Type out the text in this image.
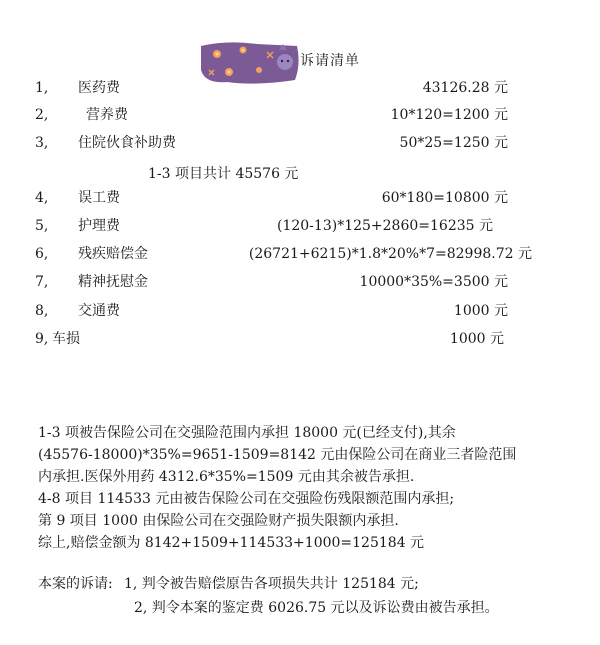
诉请清单
1, 医药费	43126.28 元
2,	营养费	10*120=1200 元
3, 住院伙食补助费	50*25=1250 元
1-3 项目共计 45576 元
4, 误工费	60*180=10800 元
5, 护理费	(120-13)*125+2860=16235 元
6, 残疾赔偿金	(26721+6215)*1.8*20%*7=82998.72 元
7, 精神抚慰金	10000*35%=3500 元
8, 交通费	1000 元
9, 车损	1000 元
1-3 项被告保险公司在交强险范围内承担 18000 元(已经支付),其余
(45576-18000)*35%=9651-1509=8142 元由保险公司在商业三者险范围
内承担.医保外用药 4312.6*35%=1509 元由其余被告承担.
4-8 项目 114533 元由被告保险公司在交强险伤残限额范围内承担;
第 9 项目 1000 由保险公司在交强险财产损失限额内承担.
综上,赔偿金额为 8142+1509+114533+1000=125184 元
本案的诉请: 1, 判令被告赔偿原告各项损失共计 125184 元;
2, 判令本案的鉴定费 6026.75 元以及诉讼费由被告承担。
